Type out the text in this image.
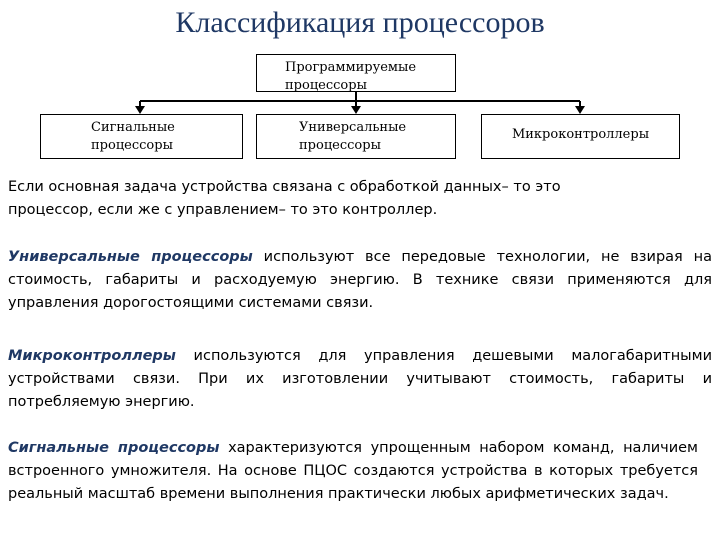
Классификация процессоров
Программируемые процессоры
Сигнальные процессоры
Универсальные процессоры
Микроконтроллеры
Если основная задача устройства связана с обработкой данных– то это процессор, если же с управлением– то это контроллер.
Универсальные процессоры используют все передовые технологии, не взирая на стоимость, габариты и расходуемую энергию. В технике связи применяются для управления дорогостоящими системами связи.
Микроконтроллеры используются для управления дешевыми малогабаритными устройствами связи. При их изготовлении учитывают стоимость, габариты и потребляемую энергию.
Сигнальные процессоры характеризуются упрощенным набором команд, наличием встроенного умножителя. На основе ПЦОС создаются устройства в которых требуется реальный масштаб времени выполнения практически любых арифметических задач.
